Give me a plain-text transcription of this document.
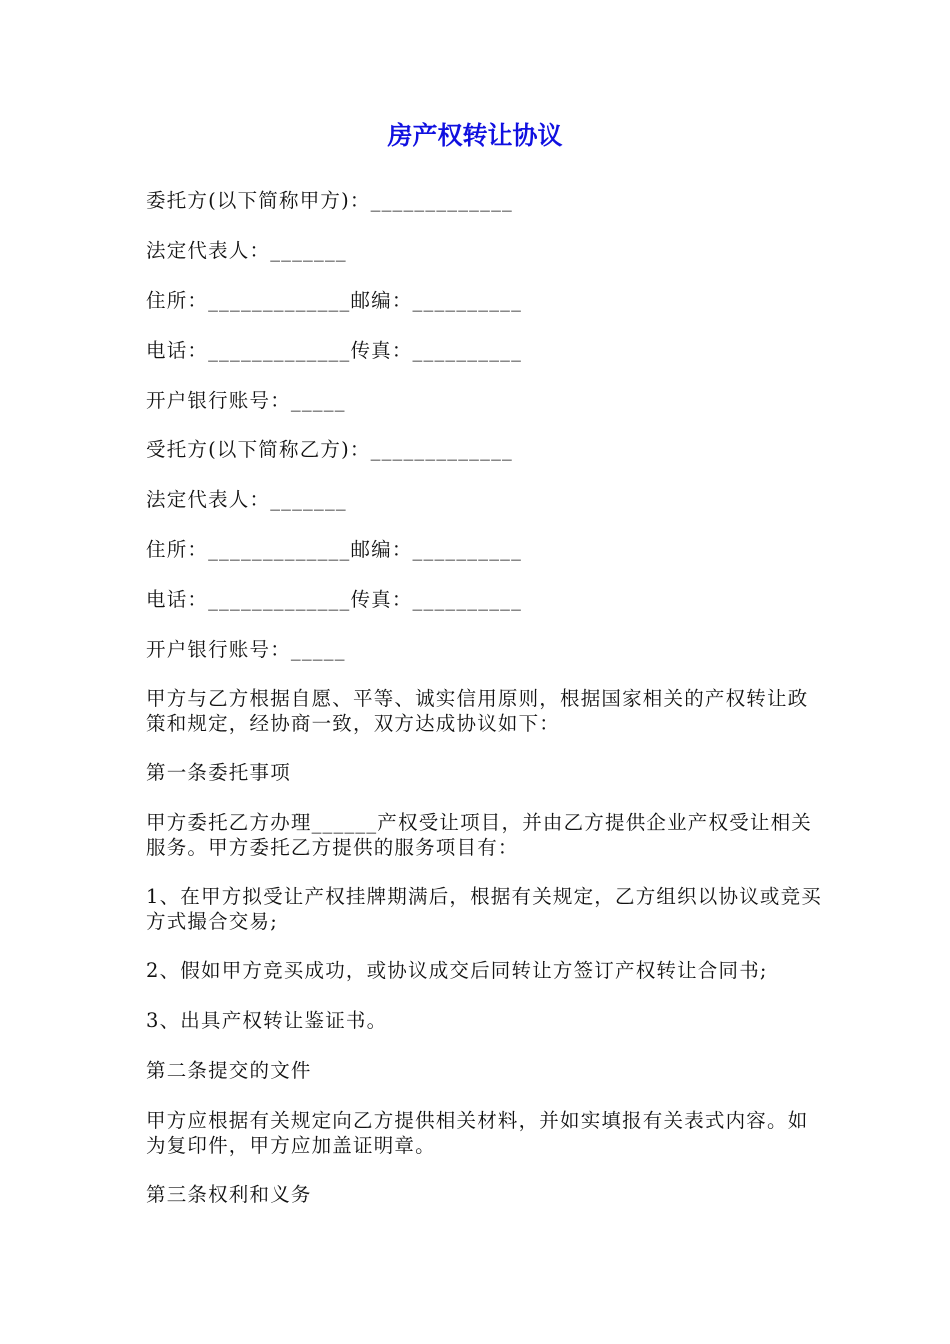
房产权转让协议

委托方(以下简称甲方)：_____________

法定代表人：_______

住所：_____________邮编：__________

电话：_____________传真：__________

开户银行账号：_____

受托方(以下简称乙方)：_____________

法定代表人：_______

住所：_____________邮编：__________

电话：_____________传真：__________

开户银行账号：_____

甲方与乙方根据自愿、平等、诚实信用原则，根据国家相关的产权转让政策和规定，经协商一致，双方达成协议如下：

第一条委托事项

甲方委托乙方办理______产权受让项目，并由乙方提供企业产权受让相关服务。甲方委托乙方提供的服务项目有：

1、在甲方拟受让产权挂牌期满后，根据有关规定，乙方组织以协议或竞买方式撮合交易;

2、假如甲方竞买成功，或协议成交后同转让方签订产权转让合同书;

3、出具产权转让鉴证书。

第二条提交的文件

甲方应根据有关规定向乙方提供相关材料，并如实填报有关表式内容。如为复印件，甲方应加盖证明章。

第三条权利和义务
